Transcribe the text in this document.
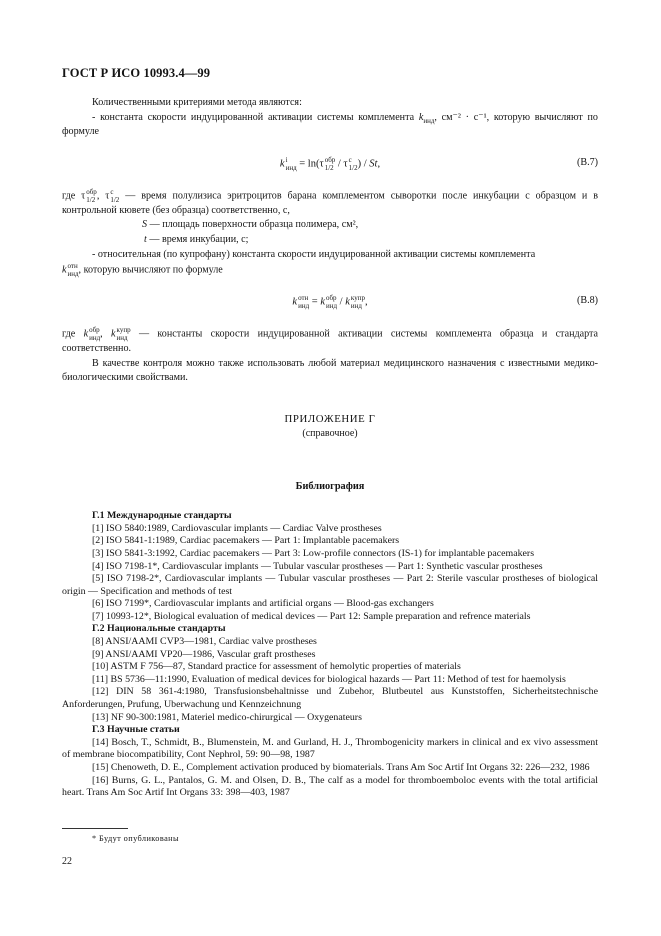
ГОСТ Р ИСО 10993.4—99

Количественными критериями метода являются:

- константа скорости индуцированной активации системы комплемента $k_{инд}$, см⁻² · с⁻¹, которую вычисляют по формуле

k i
инд = ln(τ обр
1/2 / τ с
1/2 ) / St,	(B.7)

где τ обр
1/2 , τ с
1/2 — время полулизиса эритроцитов барана комплементом сыворотки после инкубации с образцом и в контрольной кювете (без образца) соответственно, с,

S — площадь поверхности образца полимера, см²,

t — время инкубации, с;

- относительная (по купрофану) константа скорости индуцированной активации системы комплемента

k отн
инд , которую вычисляют по формуле

k отн
инд = k обр
инд / k купр
инд ,	(B.8)

где k обр
инд , k купр
инд — константы скорости индуцированной активации системы комплемента образца и стандарта соответственно.

В качестве контроля можно также использовать любой материал медицинского назначения с известными медико-биологическими свойствами.

ПРИЛОЖЕНИЕ Г
(справочное)
Библиография
Г.1 Международные стандарты
[1] ISO 5840:1989, Cardiovascular implants — Cardiac Valve prostheses
[2] ISO 5841-1:1989, Cardiac pacemakers — Part 1: Implantable pacemakers
[3] ISO 5841-3:1992, Cardiac pacemakers — Part 3: Low-profile connectors (IS-1) for implantable pacemakers
[4] ISO 7198-1*, Cardiovascular implants — Tubular vascular prostheses — Part 1: Synthetic vascular prostheses
[5] ISO 7198-2*, Cardiovascular implants — Tubular vascular prostheses — Part 2: Sterile vascular prostheses of biological origin — Specification and methods of test
[6] ISO 7199*, Cardiovascular implants and artificial organs — Blood-gas exchangers
[7] 10993-12*, Biological evaluation of medical devices — Part 12: Sample preparation and refrence materials
Г.2 Национальные стандарты
[8] ANSI/AAMI CVP3—1981, Cardiac valve prostheses
[9] ANSI/AAMI VP20—1986, Vascular graft prostheses
[10] ASTM F 756—87, Standard practice for assessment of hemolytic properties of materials
[11] BS 5736—11:1990, Evaluation of medical devices for biological hazards — Part 11: Method of test for haemolysis
[12] DIN 58 361-4:1980, Transfusionsbehaltnisse und Zubehor, Blutbeutel aus Kunststoffen, Sicherheitstechnische Anforderungen, Prufung, Uberwachung und Kennzeichnung
[13] NF 90-300:1981, Materiel medico-chirurgical — Oxygenateurs
Г.3 Научные статьи
[14] Bosch, T., Schmidt, B., Blumenstein, M. and Gurland, H. J., Thrombogenicity markers in clinical and ex vivo assessment of membrane biocompatibility, Cont Nephrol, 59: 90—98, 1987
[15] Chenoweth, D. E., Complement activation produced by biomaterials. Trans Am Soc Artif Int Organs 32: 226—232, 1986
[16] Burns, G. L., Pantalos, G. M. and Olsen, D. B., The calf as a model for thromboemboloc events with the total artificial heart. Trans Am Soc Artif Int Organs 33: 398—403, 1987
* Будут опубликованы
22
